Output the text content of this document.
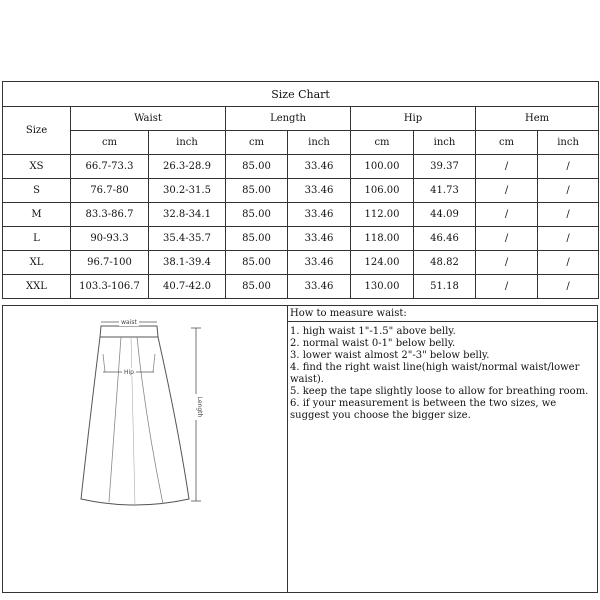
Size Chart								
Size	Waist		Length		Hip		Hem	
	cm	inch	cm	inch	cm	inch	cm	inch
XS	66.7-73.3	26.3-28.9	85.00	33.46	100.00	39.37	/	/
S	76.7-80	30.2-31.5	85.00	33.46	106.00	41.73	/	/
M	83.3-86.7	32.8-34.1	85.00	33.46	112.00	44.09	/	/
L	90-93.3	35.4-35.7	85.00	33.46	118.00	46.46	/	/
XL	96.7-100	38.1-39.4	85.00	33.46	124.00	48.82	/	/
XXL	103.3-106.7	40.7-42.0	85.00	33.46	130.00	51.18	/	/
waist
Hip
Length
How to measure waist:
1. high waist 1"-1.5" above belly.
2. normal waist 0-1" below belly.
3. lower waist almost 2"-3" below belly.
4. find the right waist line(high waist/normal waist/lower waist).
5. keep the tape slightly loose to allow for breathing room.
6. if your measurement is between the two sizes, we suggest you choose the bigger size.
